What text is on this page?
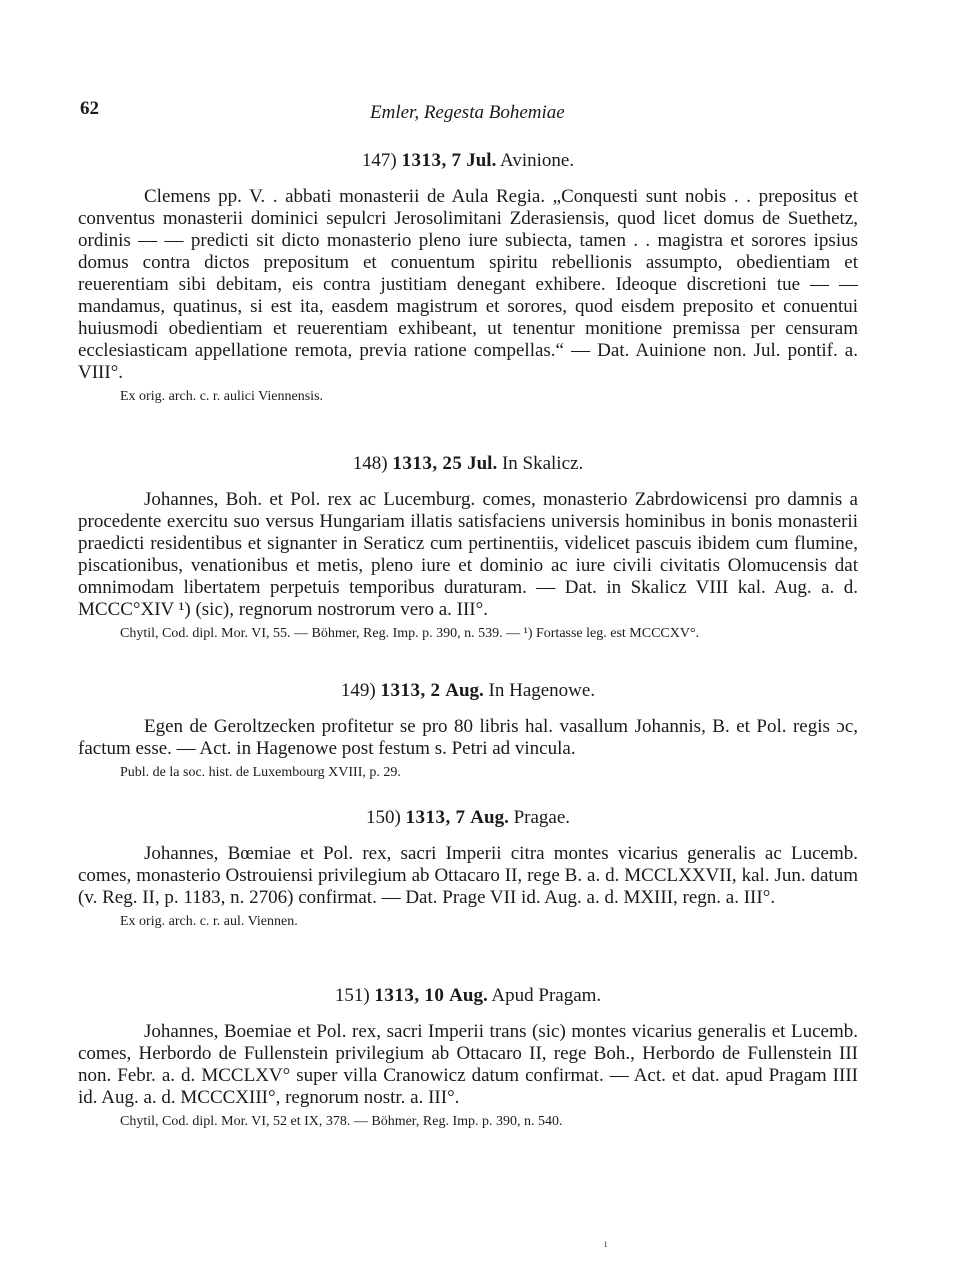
62	Emler, Regesta Bohemiae
147) 1313, 7 Jul. Avinione.

Clemens pp. V. . abbati monasterii de Aula Regia. „Conquesti sunt nobis . . prepositus et conventus monasterii dominici sepulcri Jerosolimitani Zderasiensis, quod licet domus de Suethetz, ordinis — — predicti sit dicto monasterio pleno iure subiecta, tamen . . magistra et sorores ipsius domus contra dictos prepositum et conuentum spiritu rebellionis assumpto, obedientiam et reuerentiam sibi debitam, eis contra justitiam denegant exhibere. Ideoque discretioni tue — — mandamus, quatinus, si est ita, easdem magistrum et sorores, quod eisdem preposito et conuentui huiusmodi obedientiam et reuerentiam exhibeant, ut tenentur monitione premissa per censuram ecclesiasticam appellatione remota, previa ratione compellas.“ — Dat. Auinione non. Jul. pontif. a. VIII°.

Ex orig. arch. c. r. aulici Viennensis.

148) 1313, 25 Jul. In Skalicz.

Johannes, Boh. et Pol. rex ac Lucemburg. comes, monasterio Zabrdowicensi pro damnis a procedente exercitu suo versus Hungariam illatis satisfaciens universis hominibus in bonis monasterii praedicti residentibus et signanter in Seraticz cum pertinentiis, videlicet pascuis ibidem cum flumine, piscationibus, venationibus et metis, pleno iure et dominio ac iure civili civitatis Olomucensis dat omnimodam libertatem perpetuis temporibus duraturam. — Dat. in Skalicz VIII kal. Aug. a. d. MCCC°XIV ¹) (sic), regnorum nostrorum vero a. III°.

Chytil, Cod. dipl. Mor. VI, 55. — Böhmer, Reg. Imp. p. 390, n. 539. — ¹) Fortasse leg. est MCCCXV°.

149) 1313, 2 Aug. In Hagenowe.

Egen de Geroltzecken profitetur se pro 80 libris hal. vasallum Johannis, B. et Pol. regis ɔc, factum esse. — Act. in Hagenowe post festum s. Petri ad vincula.

Publ. de la soc. hist. de Luxembourg XVIII, p. 29.

150) 1313, 7 Aug. Pragae.

Johannes, Bœmiae et Pol. rex, sacri Imperii citra montes vicarius generalis ac Lucemb. comes, monasterio Ostrouiensi privilegium ab Ottacaro II, rege B. a. d. MCCLXXVII, kal. Jun. datum (v. Reg. II, p. 1183, n. 2706) confirmat. — Dat. Prage VII id. Aug. a. d. MXIII, regn. a. III°.

Ex orig. arch. c. r. aul. Viennen.

151) 1313, 10 Aug. Apud Pragam.

Johannes, Boemiae et Pol. rex, sacri Imperii trans (sic) montes vicarius generalis et Lucemb. comes, Herbordo de Fullenstein privilegium ab Ottacaro II, rege Boh., Herbordo de Fullenstein III non. Febr. a. d. MCCLXV° super villa Cranowicz datum confirmat. — Act. et dat. apud Pragam IIII id. Aug. a. d. MCCCXIII°, regnorum nostr. a. III°.

Chytil, Cod. dipl. Mor. VI, 52 et IX, 378. — Böhmer, Reg. Imp. p. 390, n. 540.

ı
